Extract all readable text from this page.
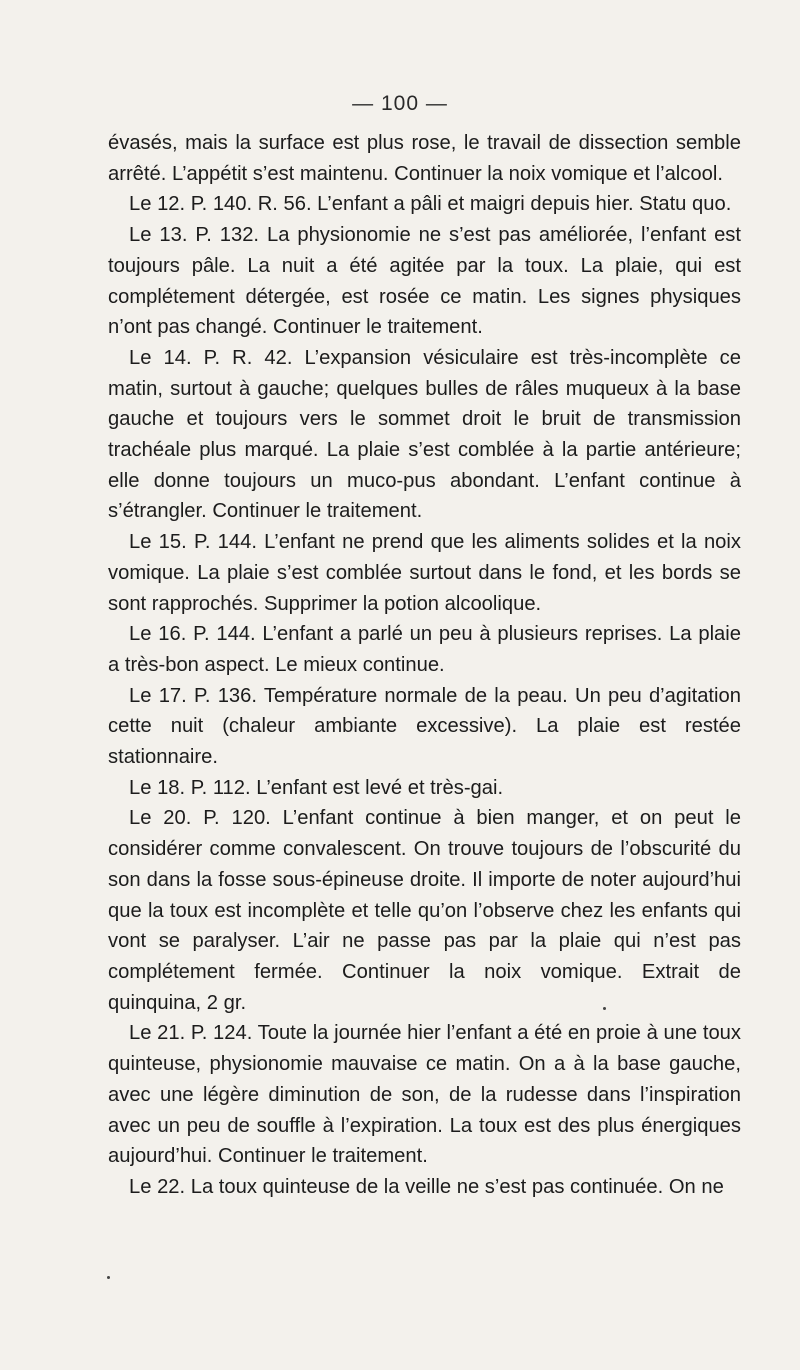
— 100 —

évasés, mais la surface est plus rose, le travail de dissection semble arrêté. L’appétit s’est maintenu. Continuer la noix vomique et l’alcool.

Le 12. P. 140. R. 56. L’enfant a pâli et maigri depuis hier. Statu quo.

Le 13. P. 132. La physionomie ne s’est pas améliorée, l’enfant est toujours pâle. La nuit a été agitée par la toux. La plaie, qui est complétement détergée, est rosée ce matin. Les signes physiques n’ont pas changé. Continuer le traitement.

Le 14. P. R. 42. L’expansion vésiculaire est très-incomplète ce matin, surtout à gauche; quelques bulles de râles muqueux à la base gauche et toujours vers le sommet droit le bruit de transmission trachéale plus marqué. La plaie s’est comblée à la partie antérieure; elle donne toujours un muco-pus abondant. L’enfant continue à s’étrangler. Continuer le traitement.

Le 15. P. 144. L’enfant ne prend que les aliments solides et la noix vomique. La plaie s’est comblée surtout dans le fond, et les bords se sont rapprochés. Supprimer la potion alcoolique.

Le 16. P. 144. L’enfant a parlé un peu à plusieurs reprises. La plaie a très-bon aspect. Le mieux continue.

Le 17. P. 136. Température normale de la peau. Un peu d’agitation cette nuit (chaleur ambiante excessive). La plaie est restée stationnaire.

Le 18. P. 112. L’enfant est levé et très-gai.

Le 20. P. 120. L’enfant continue à bien manger, et on peut le considérer comme convalescent. On trouve toujours de l’obscurité du son dans la fosse sous-épineuse droite. Il importe de noter aujourd’hui que la toux est incomplète et telle qu’on l’observe chez les enfants qui vont se paralyser. L’air ne passe pas par la plaie qui n’est pas complétement fermée. Continuer la noix vomique. Extrait de quinquina, 2 gr.

Le 21. P. 124. Toute la journée hier l’enfant a été en proie à une toux quinteuse, physionomie mauvaise ce matin. On a à la base gauche, avec une légère diminution de son, de la rudesse dans l’inspiration avec un peu de souffle à l’expiration. La toux est des plus énergiques aujourd’hui. Continuer le traitement.

Le 22. La toux quinteuse de la veille ne s’est pas continuée. On ne
